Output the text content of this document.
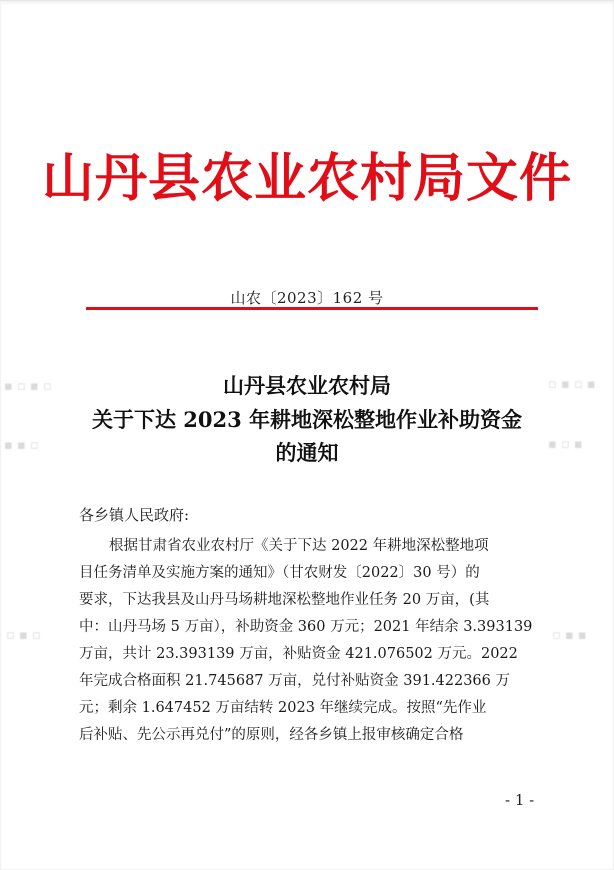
▪ ▫ ▪ ▫
▪ ▪ ▫
▫ ▪ ▫
▫ ▪ ▫ ▪
▪ ▫ ▪
▫ ▪ ▪
山丹县农业农村局文件
山农〔2023〕162 号
山丹县农业农村局
关于下达 2023 年耕地深松整地作业补助资金
的通知
各乡镇人民政府:
根据甘肃省农业农村厅《关于下达 2022 年耕地深松整地项
目任务清单及实施方案的通知》（甘农财发〔2022〕30 号）的
要求，下达我县及山丹马场耕地深松整地作业任务 20 万亩，(其
中：山丹马场 5 万亩），补助资金 360 万元；2021 年结余 3.393139
万亩，共计 23.393139 万亩，补贴资金 421.076502 万元。2022
年完成合格面积 21.745687 万亩，兑付补贴资金 391.422366 万
元；剩余 1.647452 万亩结转 2023 年继续完成。按照“先作业
后补贴、先公示再兑付”的原则，经各乡镇上报审核确定合格
- 1 -
